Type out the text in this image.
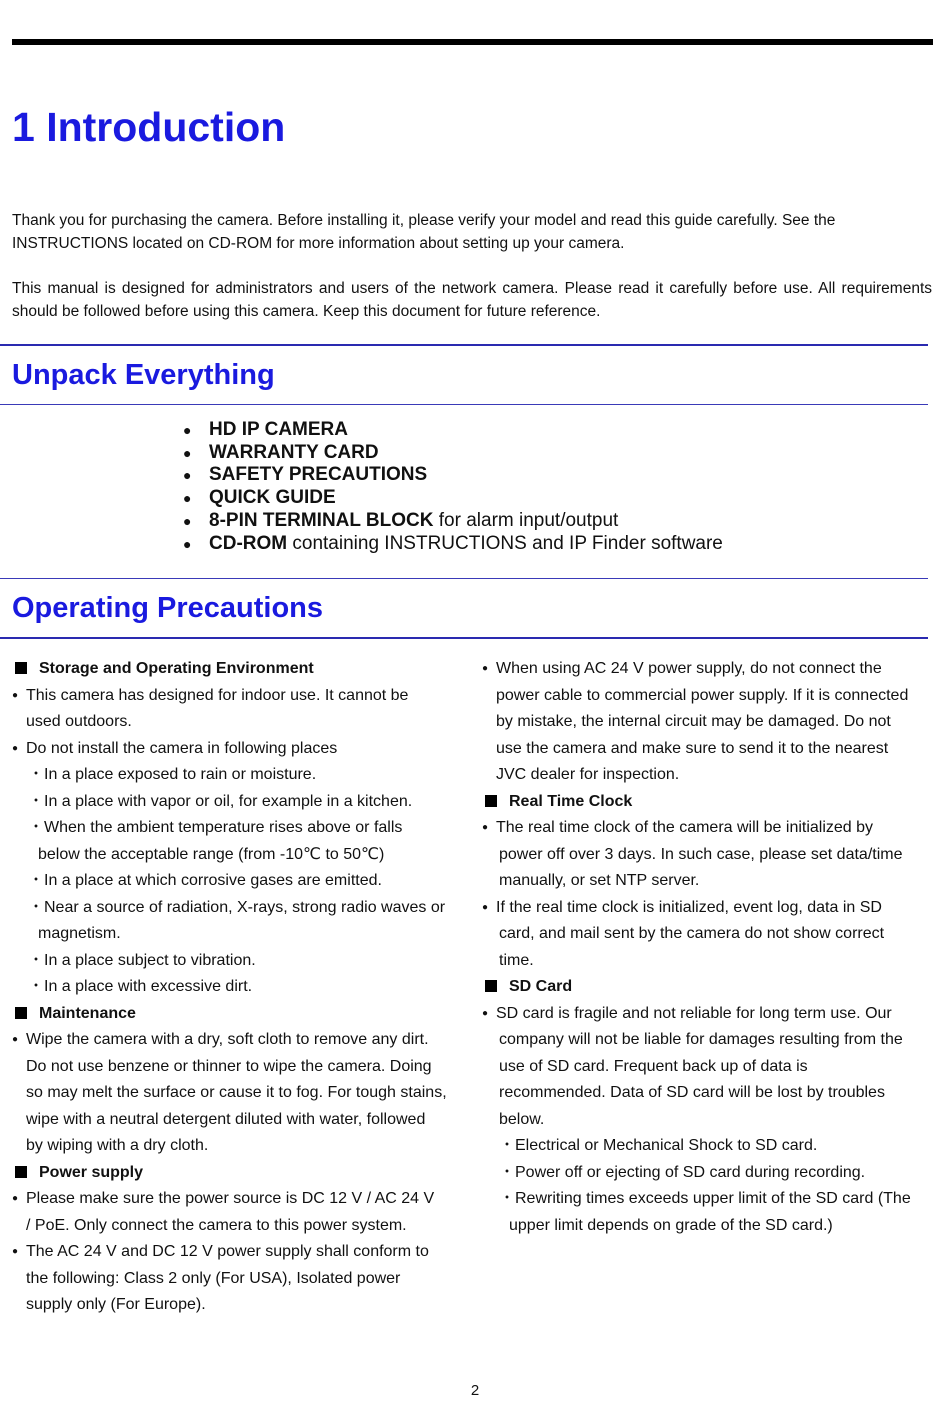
1 Introduction

Thank you for purchasing the camera. Before installing it, please verify your model and read this guide carefully. See the INSTRUCTIONS located on CD-ROM for more information about setting up your camera.

This manual is designed for administrators and users of the network camera. Please read it carefully before use. All requirements should be followed before using this camera. Keep this document for future reference.

Unpack Everything
● HD IP CAMERA
● WARRANTY CARD
● SAFETY PRECAUTIONS
● QUICK GUIDE
● 8-PIN TERMINAL BLOCK for alarm input/output
● CD-ROM containing INSTRUCTIONS and IP Finder software
Operating Precautions
Storage and Operating Environment
● This camera has designed for indoor use. It cannot be
used outdoors.
● Do not install the camera in following places
・In a place exposed to rain or moisture.
・In a place with vapor or oil, for example in a kitchen.
・When the ambient temperature rises above or falls
below the acceptable range (from -10℃ to 50℃)
・In a place at which corrosive gases are emitted.
・Near a source of radiation, X-rays, strong radio waves or
magnetism.
・In a place subject to vibration.
・In a place with excessive dirt.
Maintenance
● Wipe the camera with a dry, soft cloth to remove any dirt.
Do not use benzene or thinner to wipe the camera. Doing
so may melt the surface or cause it to fog. For tough stains,
wipe with a neutral detergent diluted with water, followed
by wiping with a dry cloth.
Power supply
● Please make sure the power source is DC 12 V / AC 24 V
/ PoE. Only connect the camera to this power system.
● The AC 24 V and DC 12 V power supply shall conform to
the following: Class 2 only (For USA), Isolated power
supply only (For Europe).
● When using AC 24 V power supply, do not connect the
power cable to commercial power supply. If it is connected
by mistake, the internal circuit may be damaged. Do not
use the camera and make sure to send it to the nearest
JVC dealer for inspection.
Real Time Clock
● The real time clock of the camera will be initialized by
power off over 3 days. In such case, please set data/time
manually, or set NTP server.
● If the real time clock is initialized, event log, data in SD
card, and mail sent by the camera do not show correct
time.
SD Card
● SD card is fragile and not reliable for long term use. Our
company will not be liable for damages resulting from the
use of SD card. Frequent back up of data is
recommended. Data of SD card will be lost by troubles
below.
・Electrical or Mechanical Shock to SD card.
・Power off or ejecting of SD card during recording.
・Rewriting times exceeds upper limit of the SD card (The
upper limit depends on grade of the SD card.)
2
